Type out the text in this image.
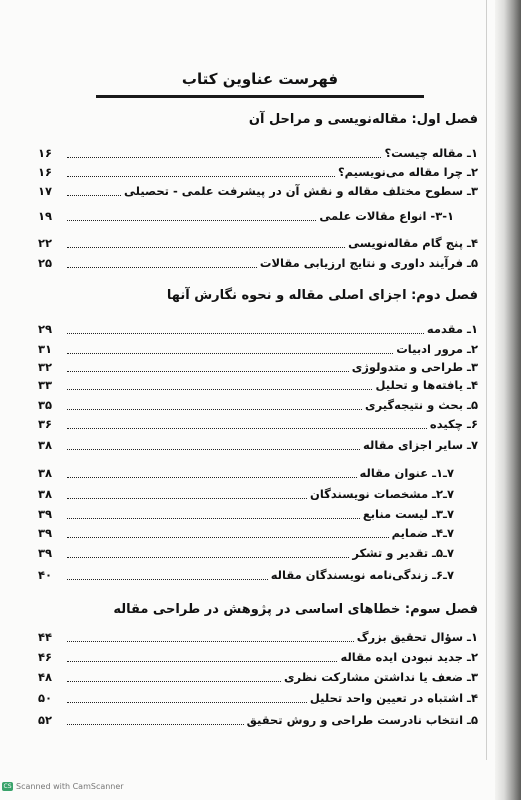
فهرست عناوین کتاب
فصل اول: مقاله‌نویسی و مراحل آن
۱ـ مقاله چیست؟
۱۶
۲ـ چرا مقاله می‌نویسیم؟
۱۶
۳ـ سطوح مختلف مقاله و نقش آن در پیشرفت علمی - تحصیلی
۱۷
۳-۱- انواع مقالات علمی
۱۹
۴ـ پنج گام مقاله‌نویسی
۲۲
۵ـ فرآیند داوری و نتایج ارزیابی مقالات
۲۵
فصل دوم: اجزای اصلی مقاله و نحوه نگارش آنها
۱ـ مقدمه
۲۹
۲ـ مرور ادبیات
۳۱
۳ـ طراحی و متدولوژی
۳۲
۴ـ یافته‌ها و تحلیل
۳۳
۵ـ بحث و نتیجه‌گیری
۳۵
۶ـ چکیده
۳۶
۷ـ سایر اجزای مقاله
۳۸
۷ـ۱ـ عنوان مقاله
۳۸
۷ـ۲ـ مشخصات نویسندگان
۳۸
۷ـ۳ـ لیست منابع
۳۹
۷ـ۴ـ ضمایم
۳۹
۷ـ۵ـ تقدیر و تشکر
۳۹
۷ـ۶ـ زندگی‌نامه نویسندگان مقاله
۴۰
فصل سوم: خطاهای اساسی در پژوهش در طراحی مقاله
۱ـ سؤال تحقیق بزرگ
۴۴
۲ـ جدید نبودن ایده مقاله
۴۶
۳ـ ضعف یا نداشتن مشارکت نظری
۴۸
۴ـ اشتباه در تعیین واحد تحلیل
۵۰
۵ـ انتخاب نادرست طراحی و روش تحقیق
۵۲
CS Scanned with CamScanner
